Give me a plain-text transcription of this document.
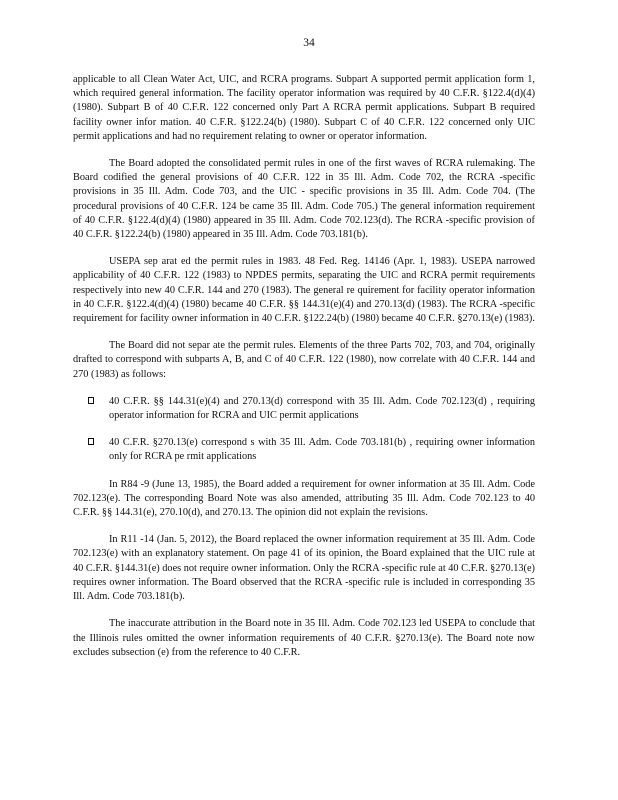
34

applicable to all Clean Water Act, UIC, and RCRA programs. Subpart A supported permit application form 1, which required general information. The facility operator information was required by 40 C.F.R. §122.4(d)(4) (1980). Subpart B of 40 C.F.R. 122 concerned only Part A RCRA permit applications. Subpart B required facility owner infor mation. 40 C.F.R. §122.24(b) (1980). Subpart C of 40 C.F.R. 122 concerned only UIC permit applications and had no requirement relating to owner or operator information.

The Board adopted the consolidated permit rules in one of the first waves of RCRA rulemaking. The Board codified the general provisions of 40 C.F.R. 122 in 35 Ill. Adm. Code 702, the RCRA -specific provisions in 35 Ill. Adm. Code 703, and the UIC - specific provisions in 35 Ill. Adm. Code 704. (The procedural provisions of 40 C.F.R. 124 be came 35 Ill. Adm. Code 705.) The general information requirement of 40 C.F.R. §122.4(d)(4) (1980) appeared in 35 Ill. Adm. Code 702.123(d). The RCRA -specific provision of 40 C.F.R. §122.24(b) (1980) appeared in 35 Ill. Adm. Code 703.181(b).

USEPA sep arat ed the permit rules in 1983. 48 Fed. Reg. 14146 (Apr. 1, 1983). USEPA narrowed applicability of 40 C.F.R. 122 (1983) to NPDES permits, separating the UIC and RCRA permit requirements respectively into new 40 C.F.R. 144 and 270 (1983). The general re quirement for facility operator information in 40 C.F.R. §122.4(d)(4) (1980) became 40 C.F.R. §§ 144.31(e)(4) and 270.13(d) (1983). The RCRA -specific requirement for facility owner information in 40 C.F.R. §122.24(b) (1980) became 40 C.F.R. §270.13(e) (1983).

The Board did not separ ate the permit rules. Elements of the three Parts 702, 703, and 704, originally drafted to correspond with subparts A, B, and C of 40 C.F.R. 122 (1980), now correlate with 40 C.F.R. 144 and 270 (1983) as follows:

40 C.F.R. §§ 144.31(e)(4) and 270.13(d) correspond with 35 Ill. Adm. Code 702.123(d) , requiring operator information for RCRA and UIC permit applications
40 C.F.R. §270.13(e) correspond s with 35 Ill. Adm. Code 703.181(b) , requiring owner information only for RCRA pe rmit applications

In R84 -9 (June 13, 1985), the Board added a requirement for owner information at 35 Ill. Adm. Code 702.123(e). The corresponding Board Note was also amended, attributing 35 Ill. Adm. Code 702.123 to 40 C.F.R. §§ 144.31(e), 270.10(d), and 270.13. The opinion did not explain the revisions.

In R11 -14 (Jan. 5, 2012), the Board replaced the owner information requirement at 35 Ill. Adm. Code 702.123(e) with an explanatory statement. On page 41 of its opinion, the Board explained that the UIC rule at 40 C.F.R. §144.31(e) does not require owner information. Only the RCRA -specific rule at 40 C.F.R. §270.13(e) requires owner information. The Board observed that the RCRA -specific rule is included in corresponding 35 Ill. Adm. Code 703.181(b).

The inaccurate attribution in the Board note in 35 Ill. Adm. Code 702.123 led USEPA to conclude that the Illinois rules omitted the owner information requirements of 40 C.F.R. §270.13(e). The Board note now excludes subsection (e) from the reference to 40 C.F.R.
